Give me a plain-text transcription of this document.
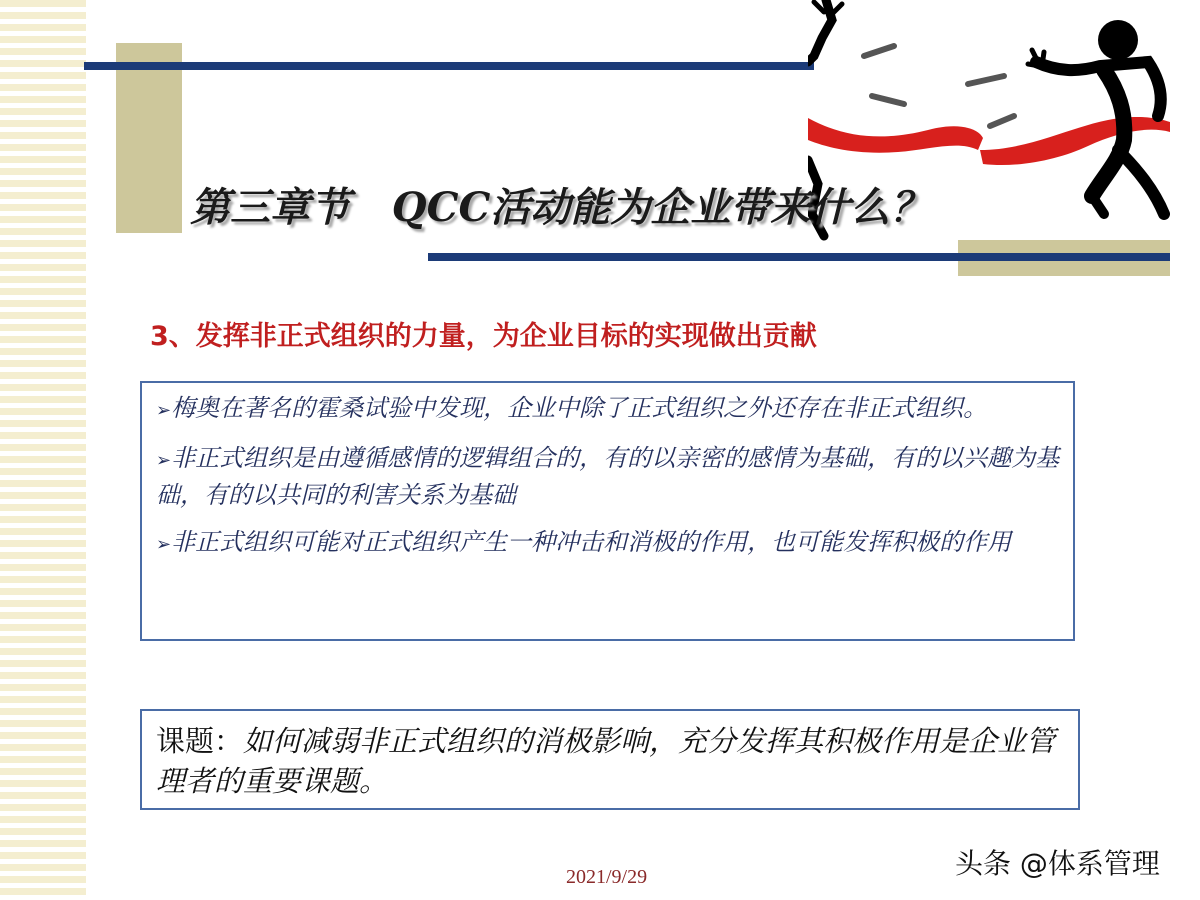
第三章节   QCC活动能为企业带来什么？
3、发挥非正式组织的力量，为企业目标的实现做出贡献
➢梅奥在著名的霍桑试验中发现，企业中除了正式组织之外还存在非正式组织。
➢非正式组织是由遵循感情的逻辑组合的，有的以亲密的感情为基础，有的以兴趣为基础，有的以共同的利害关系为基础
➢非正式组织可能对正式组织产生一种冲击和消极的作用，也可能发挥积极的作用
课题：如何减弱非正式组织的消极影响，充分发挥其积极作用是企业管理者的重要课题。
2021/9/29	头条 @体系管理
